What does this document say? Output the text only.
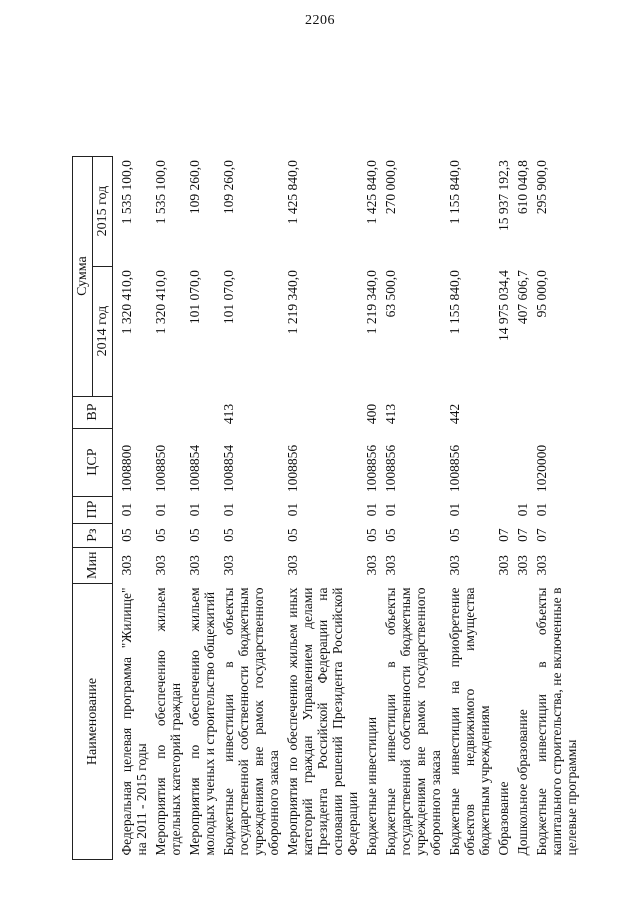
2206
Наименование	Мин	Рз	ПР	ЦСР	ВР	Сумма	
						2014 год	2015 год
Федеральная целевая программа "Жилище" на 2011 - 2015 годы	303	05	01	1008800		1 320 410,0	1 535 100,0
Мероприятия по обеспечению жильем отдельных категорий граждан	303	05	01	1008850		1 320 410,0	1 535 100,0
Мероприятия по обеспечению жильем молодых ученых и строительство общежитий	303	05	01	1008854		101 070,0	109 260,0
Бюджетные инвестиции в объекты государственной собственности бюджетным учреждениям вне рамок государственного оборонного заказа	303	05	01	1008854	413	101 070,0	109 260,0
Мероприятия по обеспечению жильем иных категорий граждан Управлением делами Президента Российской Федерации на основании решений Президента Российской Федерации	303	05	01	1008856		1 219 340,0	1 425 840,0
Бюджетные инвестиции	303	05	01	1008856	400	1 219 340,0	1 425 840,0
Бюджетные инвестиции в объекты государственной собственности бюджетным учреждениям вне рамок государственного оборонного заказа	303	05	01	1008856	413	63 500,0	270 000,0
Бюджетные инвестиции на приобретение объектов недвижимого имущества бюджетным учреждениям	303	05	01	1008856	442	1 155 840,0	1 155 840,0
Образование	303	07				14 975 034,4	15 937 192,3
Дошкольное образование	303	07	01			407 606,7	610 040,8
Бюджетные инвестиции в объекты капитального строительства, не включенные в целевые программы	303	07	01	1020000		95 000,0	295 900,0
